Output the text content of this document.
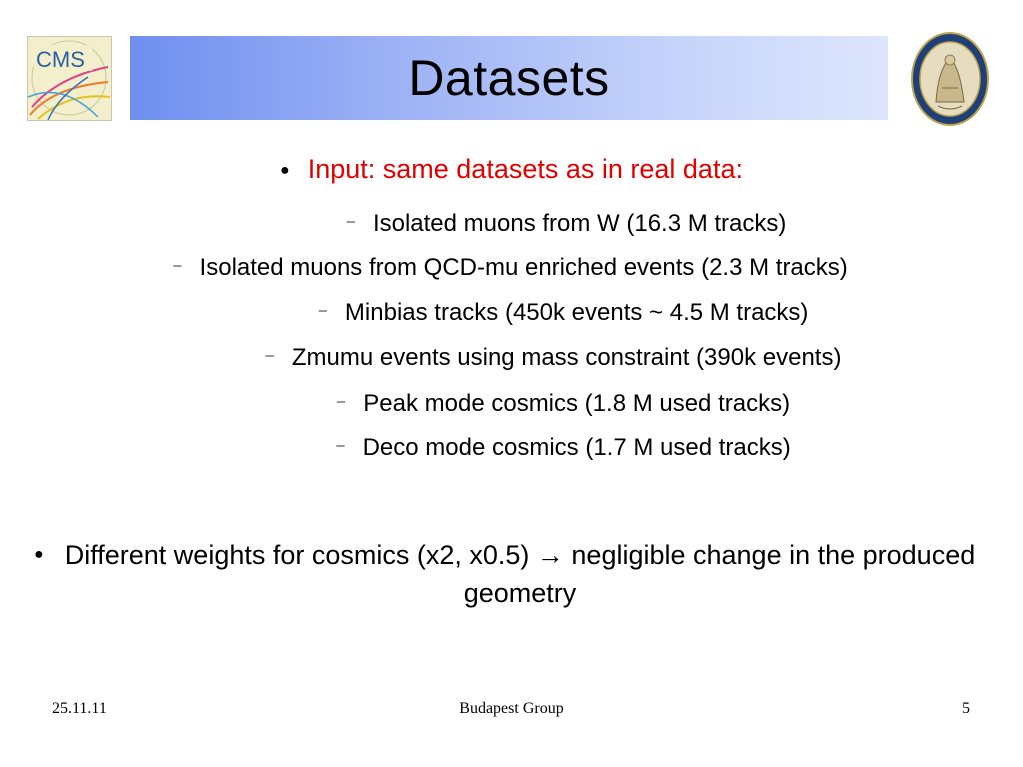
CMS	Datasets
● Input: same datasets as in real data:
– Isolated muons from W (16.3 M tracks)
– Isolated muons from QCD-mu enriched events (2.3 M tracks)
– Minbias tracks (450k events ~ 4.5 M tracks)
– Zmumu events using mass constraint (390k events)
– Peak mode cosmics (1.8 M used tracks)
– Deco mode cosmics (1.7 M used tracks)
● Different weights for cosmics (x2, x0.5) → negligible change in the produced geometry
25.11.11	Budapest Group	5
